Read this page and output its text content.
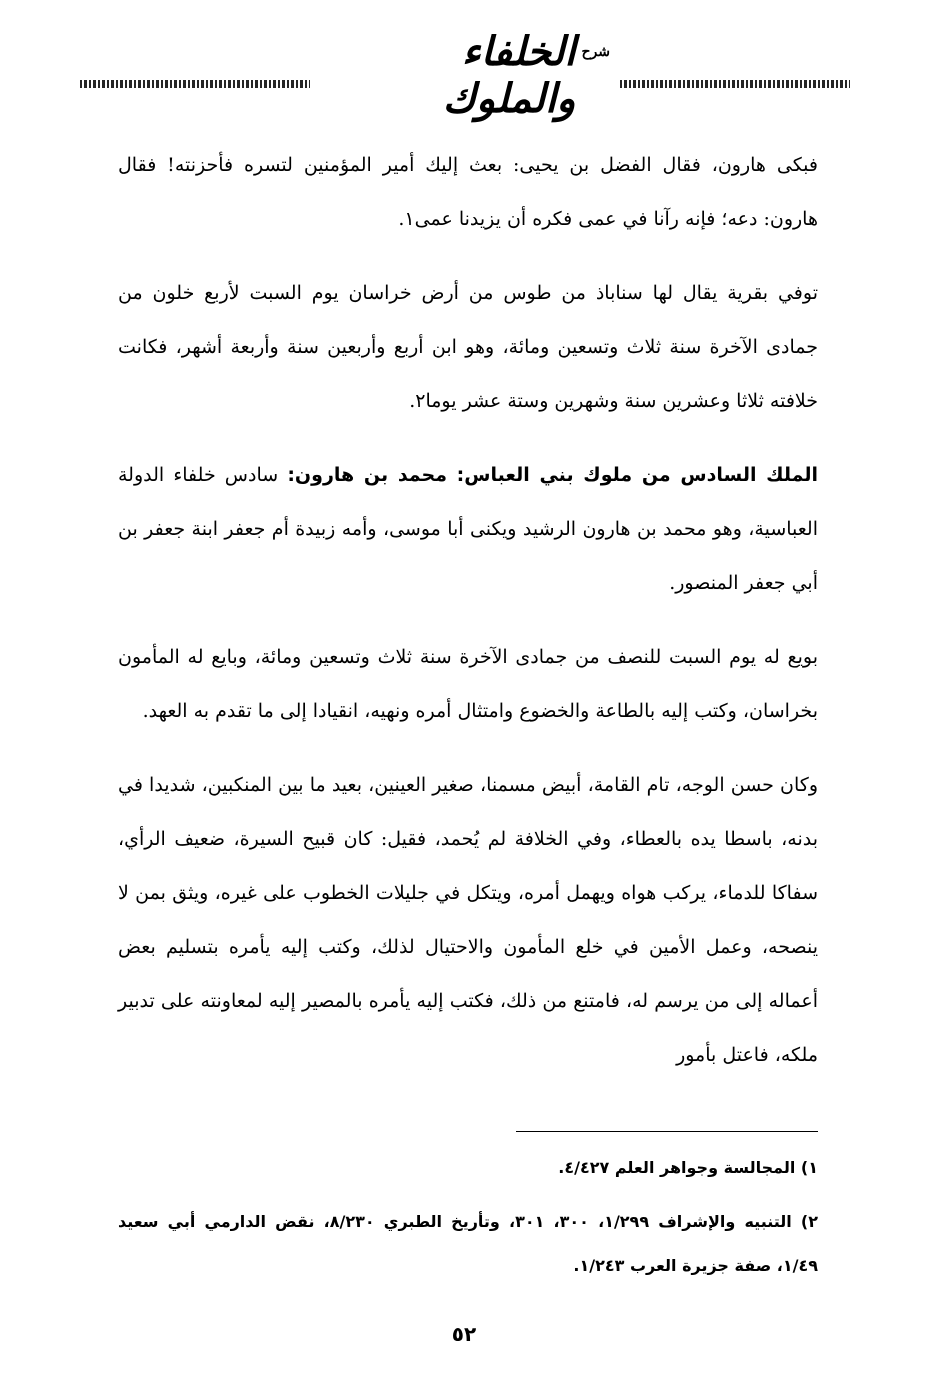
شرح
الخلفاء والملوك

فبكى هارون، فقال الفضل بن يحيى: بعث إليك أمير المؤمنين لتسره فأحزنته! فقال هارون: دعه؛ فإنه رآنا في عمى فكره أن يزيدنا عمى١.

توفي بقرية يقال لها سناباذ من طوس من أرض خراسان يوم السبت لأربع خلون من جمادى الآخرة سنة ثلاث وتسعين ومائة، وهو ابن أربع وأربعين سنة وأربعة أشهر، فكانت خلافته ثلاثا وعشرين سنة وشهرين وستة عشر يوما٢.

الملك السادس من ملوك بني العباس: محمد بن هارون: سادس خلفاء الدولة العباسية، وهو محمد بن هارون الرشيد ويكنى أبا موسى، وأمه زبيدة أم جعفر ابنة جعفر بن أبي جعفر المنصور.

بويع له يوم السبت للنصف من جمادى الآخرة سنة ثلاث وتسعين ومائة، وبايع له المأمون بخراسان، وكتب إليه بالطاعة والخضوع وامتثال أمره ونهيه، انقيادا إلى ما تقدم به العهد.

وكان حسن الوجه، تام القامة، أبيض مسمنا، صغير العينين، بعيد ما بين المنكبين، شديدا في بدنه، باسطا يده بالعطاء، وفي الخلافة لم يُحمد، فقيل: كان قبيح السيرة، ضعيف الرأي، سفاكا للدماء، يركب هواه ويهمل أمره، ويتكل في جليلات الخطوب على غيره، ويثق بمن لا ينصحه، وعمل الأمين في خلع المأمون والاحتيال لذلك، وكتب إليه يأمره بتسليم بعض أعماله إلى من يرسم له، فامتنع من ذلك، فكتب إليه يأمره بالمصير إليه لمعاونته على تدبير ملكه، فاعتل بأمور

١) المجالسة وجواهر العلم ٤/٤٢٧.

٢) التنبيه والإشراف ١/٢٩٩، ٣٠٠، ٣٠١، وتأريخ الطبري ٨/٢٣٠، نقض الدارمي أبي سعيد ١/٤٩، صفة جزيرة العرب ١/٢٤٣.

٥٢
